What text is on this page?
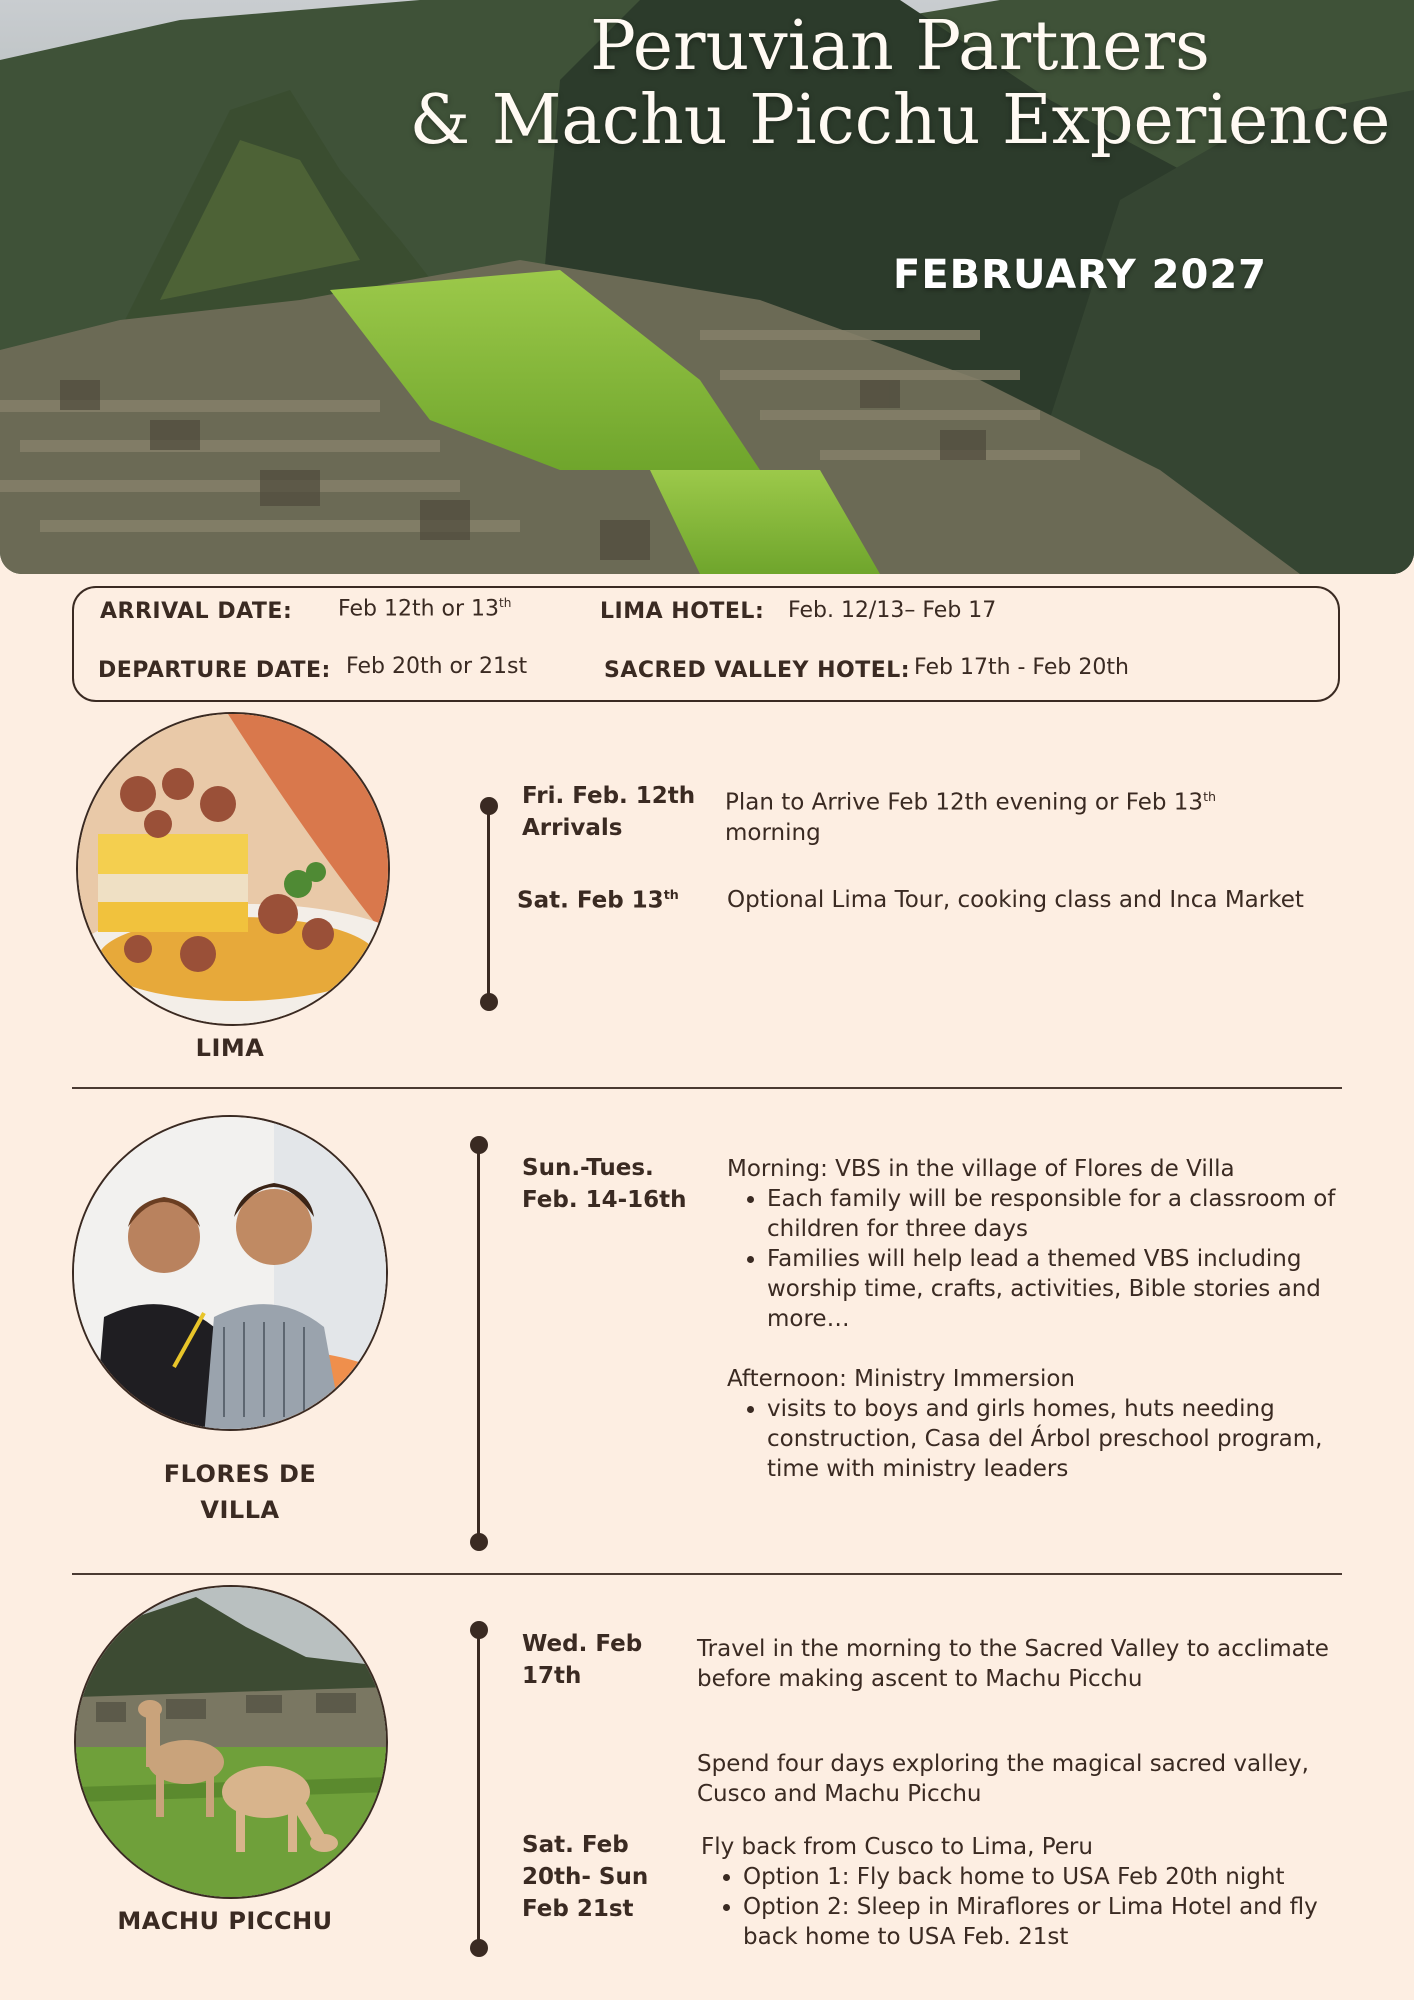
Peruvian Partners
& Machu Picchu Experience
FEBRUARY 2027
ARRIVAL DATE: Feb 12th or 13th	LIMA HOTEL: Feb. 12/13– Feb 17
DEPARTURE DATE: Feb 20th or 21st	SACRED VALLEY HOTEL: Feb 17th - Feb 20th
LIMA
Fri. Feb. 12th
Arrivals

Plan to Arrive Feb 12th evening or Feb 13th
morning

Sat. Feb 13th Optional Lima Tour, cooking class and Inca Market
FLORES DE
VILLA
Sun.-Tues.
Feb. 14-16th

Morning: VBS in the village of Flores de Villa

• Each family will be responsible for a classroom of children for three days
• Families will help lead a themed VBS including worship time, crafts, activities, Bible stories and more…

Afternoon: Ministry Immersion

• visits to boys and girls homes, huts needing construction, Casa del Árbol preschool program, time with ministry leaders
MACHU PICCHU
Wed. Feb
17th
Travel in the morning to the Sacred Valley to acclimate before making ascent to Machu Picchu
Spend four days exploring the magical sacred valley, Cusco and Machu Picchu
Sat. Feb
20th- Sun
Feb 21st

Fly back from Cusco to Lima, Peru

• Option 1: Fly back home to USA Feb 20th night
• Option 2: Sleep in Miraflores or Lima Hotel and fly back home to USA Feb. 21st
